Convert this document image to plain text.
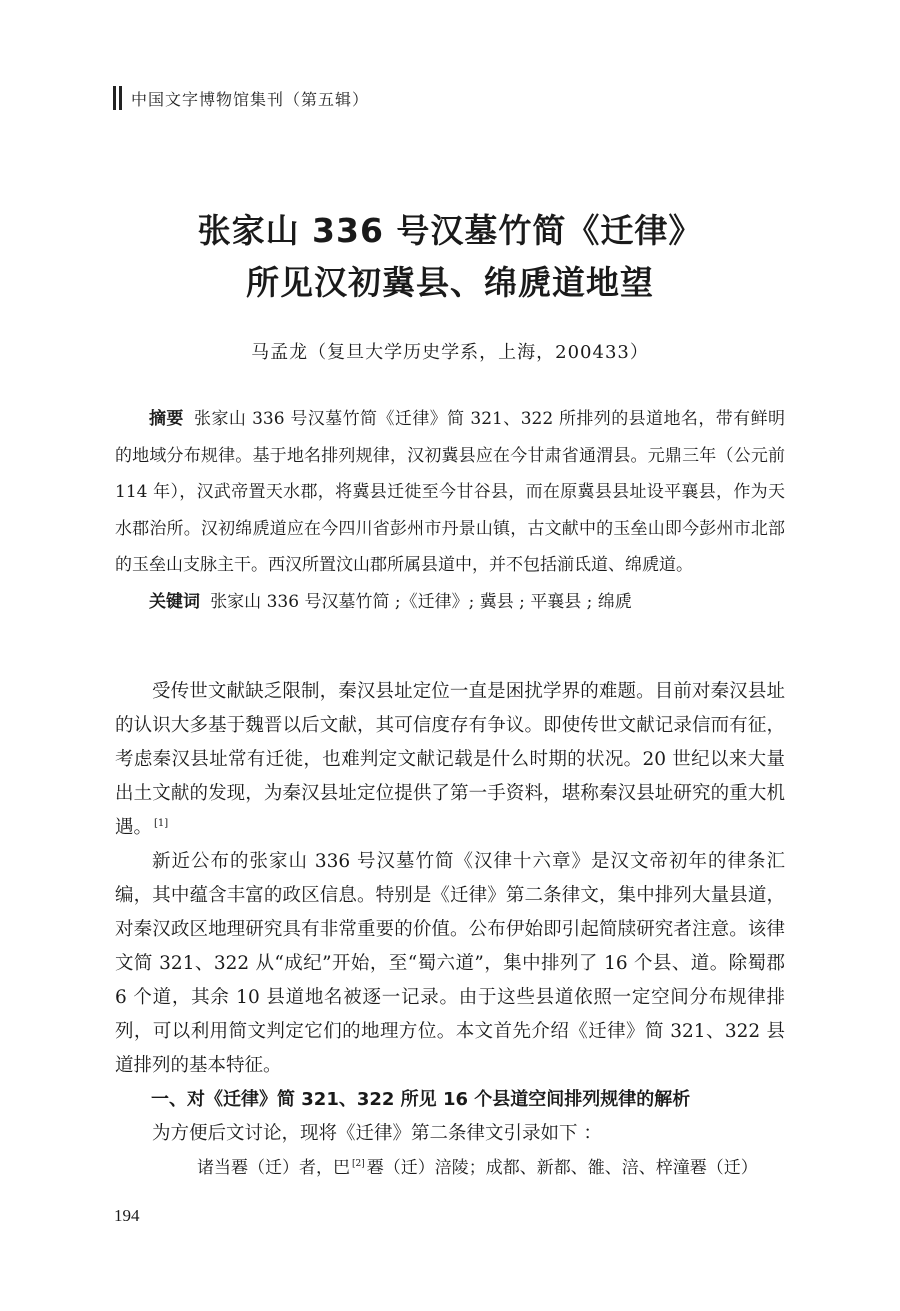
中国文字博物馆集刊（第五辑）
张家山 336 号汉墓竹简《迁律》
所见汉初冀县、绵虒道地望
马孟龙（复旦大学历史学系，上海，200433）

摘要 张家山 336 号汉墓竹简《迁律》简 321、322 所排列的县道地名，带有鲜明的地域分布规律。基于地名排列规律，汉初冀县应在今甘肃省通渭县。元鼎三年（公元前 114 年），汉武帝置天水郡，将冀县迁徙至今甘谷县，而在原冀县县址设平襄县，作为天水郡治所。汉初绵虒道应在今四川省彭州市丹景山镇，古文献中的玉垒山即今彭州市北部的玉垒山支脉主干。西汉所置汶山郡所属县道中，并不包括湔氐道、绵虒道。

关键词 张家山 336 号汉墓竹简 ;《迁律》; 冀县 ; 平襄县 ; 绵虒

受传世文献缺乏限制，秦汉县址定位一直是困扰学界的难题。目前对秦汉县址的认识大多基于魏晋以后文献，其可信度存有争议。即使传世文献记录信而有征，考虑秦汉县址常有迁徙，也难判定文献记载是什么时期的状况。20 世纪以来大量出土文献的发现，为秦汉县址定位提供了第一手资料，堪称秦汉县址研究的重大机遇。 [1]

新近公布的张家山 336 号汉墓竹简《汉律十六章》是汉文帝初年的律条汇编，其中蕴含丰富的政区信息。特别是《迁律》第二条律文，集中排列大量县道，对秦汉政区地理研究具有非常重要的价值。公布伊始即引起简牍研究者注意。该律文简 321、322 从“成纪”开始，至“蜀六道”，集中排列了 16 个县、道。除蜀郡 6 个道，其余 10 县道地名被逐一记录。由于这些县道依照一定空间分布规律排列，可以利用简文判定它们的地理方位。本文首先介绍《迁律》简 321、322 县道排列的基本特征。

一、对《迁律》简 321、322 所见 16 个县道空间排列规律的解析

为方便后文讨论，现将《迁律》第二条律文引录如下 ：

诸当䙴（迁）者，巴 [2] 䙴（迁）涪陵；成都、新都、雒、涪、梓潼䙴（迁）

194
